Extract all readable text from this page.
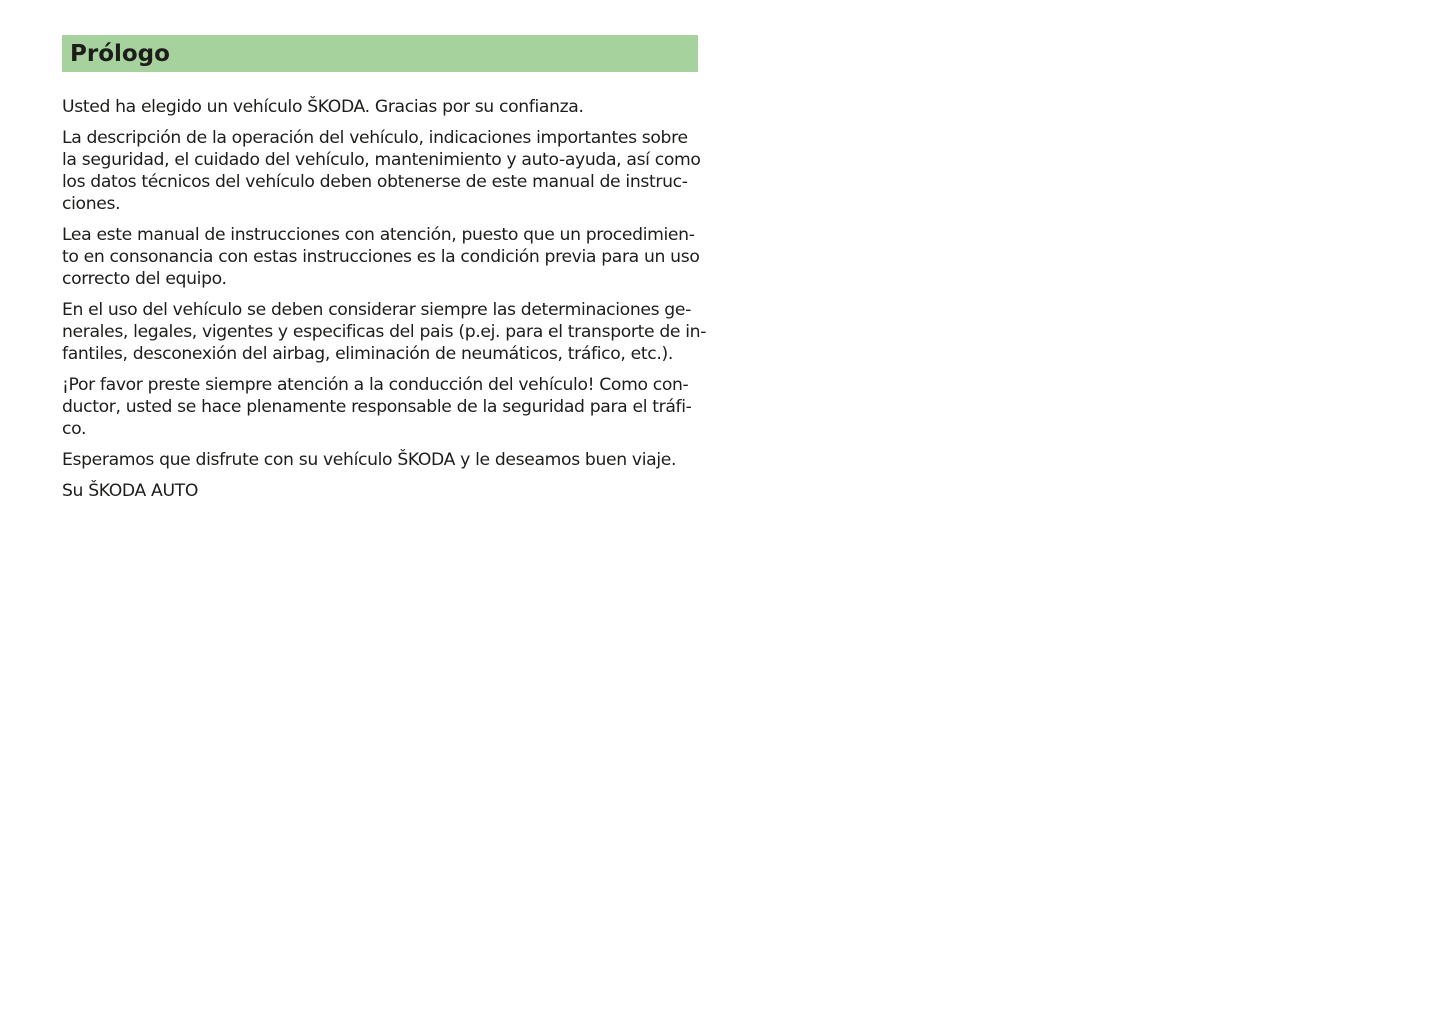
Prólogo

Usted ha elegido un vehículo ŠKODA. Gracias por su confianza.

La descripción de la operación del vehículo, indicaciones importantes sobre
la seguridad, el cuidado del vehículo, mantenimiento y auto-ayuda, así como
los datos técnicos del vehículo deben obtenerse de este manual de instruc-
ciones.

Lea este manual de instrucciones con atención, puesto que un procedimien-
to en consonancia con estas instrucciones es la condición previa para un uso
correcto del equipo.

En el uso del vehículo se deben considerar siempre las determinaciones ge-
nerales, legales, vigentes y especificas del pais (p.ej. para el transporte de in-
fantiles, desconexión del airbag, eliminación de neumáticos, tráfico, etc.).

¡Por favor preste siempre atención a la conducción del vehículo! Como con-
ductor, usted se hace plenamente responsable de la seguridad para el tráfi-
co.

Esperamos que disfrute con su vehículo ŠKODA y le deseamos buen viaje.

Su ŠKODA AUTO
